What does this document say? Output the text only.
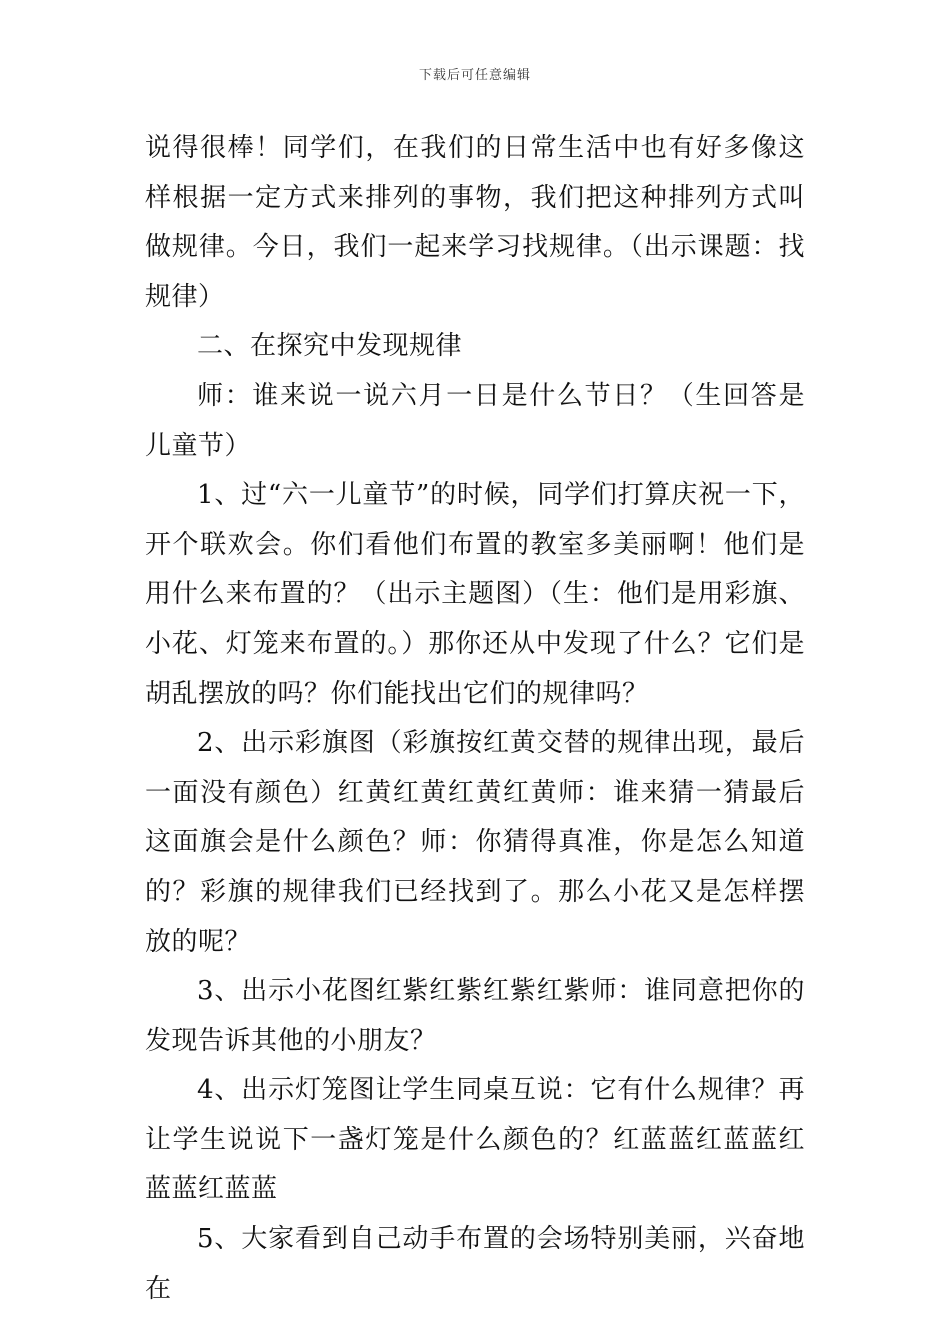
下载后可任意编辑

说得很棒！同学们，在我们的日常生活中也有好多像这样根据一定方式来排列的事物，我们把这种排列方式叫做规律。今日，我们一起来学习找规律。（出示课题：找规律）

二、在探究中发现规律

师：谁来说一说六月一日是什么节日？（生回答是儿童节）

1、过“六一儿童节”的时候，同学们打算庆祝一下，开个联欢会。你们看他们布置的教室多美丽啊！他们是用什么来布置的？（出示主题图）（生：他们是用彩旗、小花、灯笼来布置的。）那你还从中发现了什么？它们是胡乱摆放的吗？你们能找出它们的规律吗？

2、出示彩旗图（彩旗按红黄交替的规律出现，最后一面没有颜色）红黄红黄红黄红黄师：谁来猜一猜最后这面旗会是什么颜色？师：你猜得真准，你是怎么知道的？彩旗的规律我们已经找到了。那么小花又是怎样摆放的呢？

3、出示小花图红紫红紫红紫红紫师：谁同意把你的发现告诉其他的小朋友？

4、出示灯笼图让学生同桌互说：它有什么规律？再让学生说说下一盏灯笼是什么颜色的？红蓝蓝红蓝蓝红蓝蓝红蓝蓝

5、大家看到自己动手布置的会场特别美丽，兴奋地在
